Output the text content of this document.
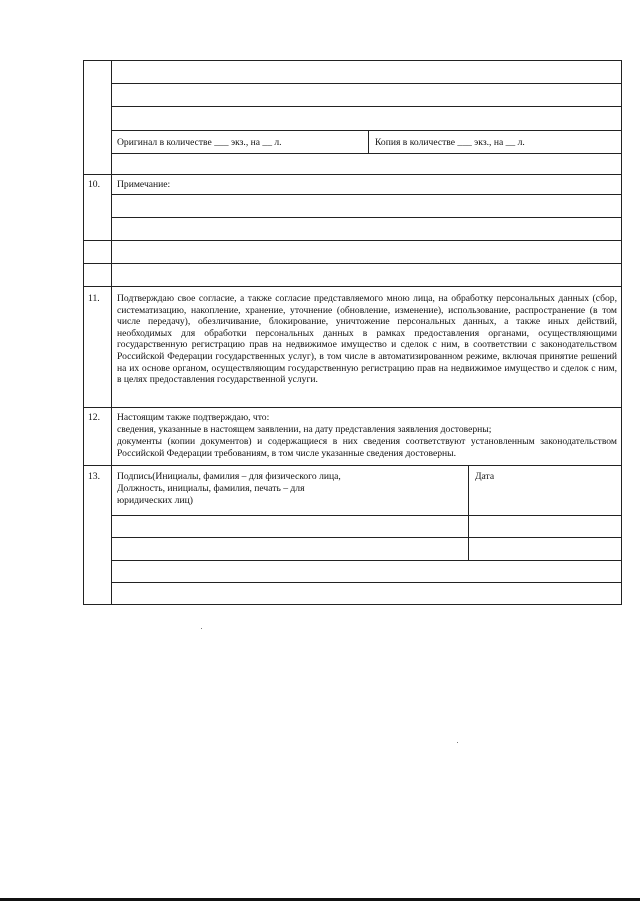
Оригинал в количестве ___ экз., на __ л.	Копия в количестве ___ экз., на __ л.
10. Примечание:
11. Подтверждаю свое согласие, а также согласие представляемого мною лица, на обработку персональных данных (сбор, систематизацию, накопление, хранение, уточнение (обновление, изменение), использование, распространение (в том числе передачу), обезличивание, блокирование, уничтожение персональных данных, а также иных действий, необходимых для обработки персональных данных в рамках предоставления органами, осуществляющими государственную регистрацию прав на недвижимое имущество и сделок с ним, в соответствии с законодательством Российской Федерации государственных услуг), в том числе в автоматизированном режиме, включая принятие решений на их основе органом, осуществляющим государственную регистрацию прав на недвижимое имущество и сделок с ним, в целях предоставления государственной услуги.
12. Настоящим также подтверждаю, что:
сведения, указанные в настоящем заявлении, на дату представления заявления достоверны;
документы (копии документов) и содержащиеся в них сведения соответствуют установленным законодательством Российской Федерации требованиям, в том числе указанные сведения достоверны.
13. Подпись(Инициалы, фамилия – для физического лица,
Должность, инициалы, фамилия, печать – для
юридических лиц)
Дата
